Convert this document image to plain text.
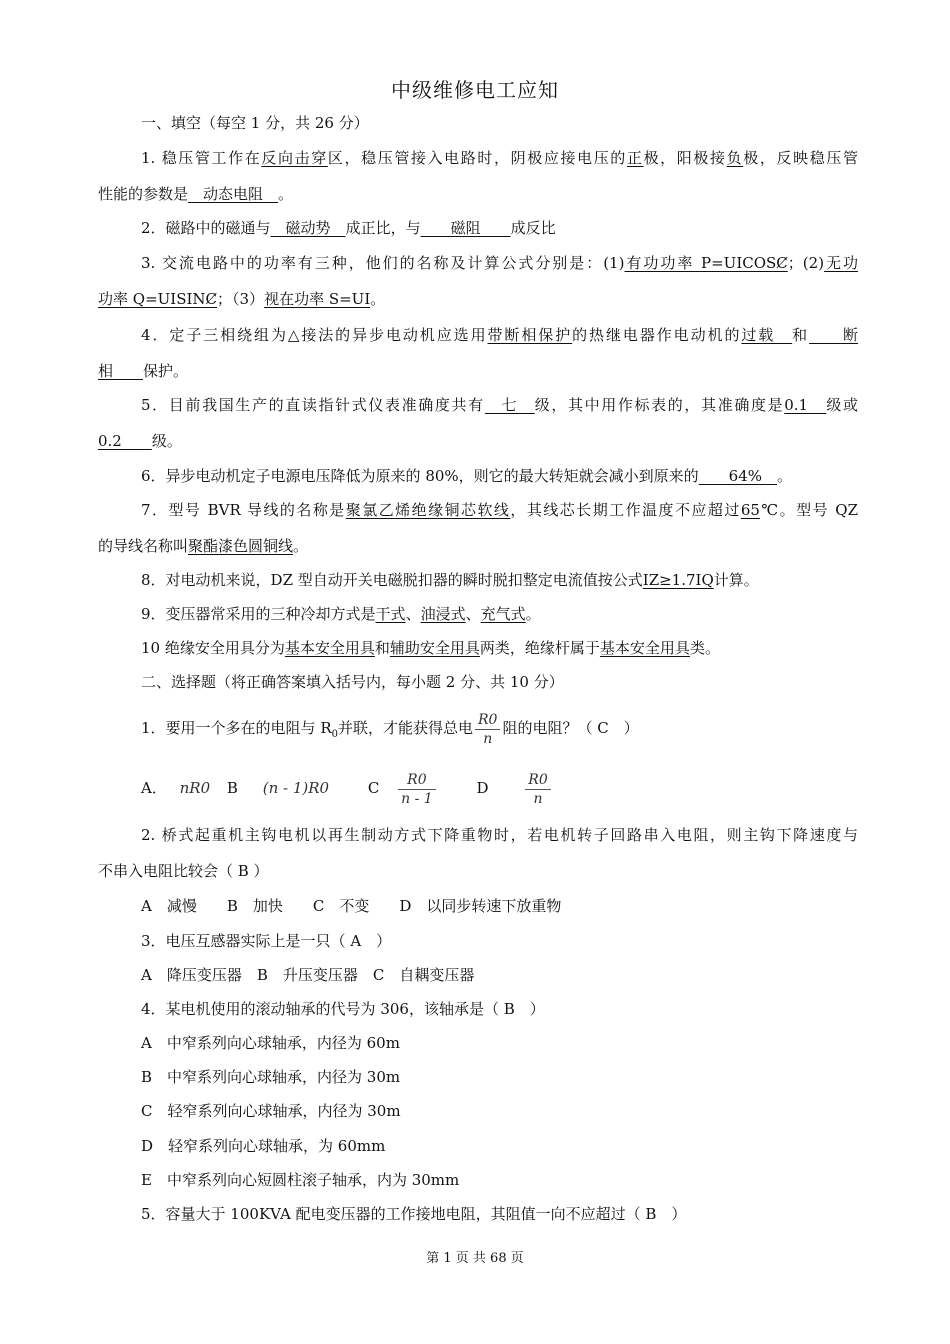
中级维修电工应知
一、填空（每空 1 分，共 26 分）
1. 稳压管工作在反向击穿区，稳压管接入电路时，阴极应接电压的正极，阳极接负极，反映稳压管
性能的参数是　动态电阻　。
2．磁路中的磁通与　磁动势　成正比，与　　磁阻　　成反比
3. 交流电路中的功率有三种，他们的名称及计算公式分别是：(1)有功功率 P=UICOSȻ；(2)无功
功率 Q=UISINȻ；（3）视在功率 S=UI。
4．定子三相绕组为△接法的异步电动机应选用带断相保护的热继电器作电动机的过载　和　　断
相　　保护。
5．目前我国生产的直读指针式仪表准确度共有　七　级，其中用作标表的，其准确度是0.1　级或
0.2　　级。
6．异步电动机定子电源电压降低为原来的 80%，则它的最大转矩就会减小到原来的　　64%　。
7．型号 BVR 导线的名称是聚氯乙烯绝缘铜芯软线，其线芯长期工作温度不应超过65℃。型号 QZ
的导线名称叫聚酯漆色圆铜线。
8．对电动机来说，DZ 型自动开关电磁脱扣器的瞬时脱扣整定电流值按公式IZ≥1.7IQ计算。
9．变压器常采用的三种冷却方式是干式、油浸式、充气式。
10 绝缘安全用具分为基本安全用具和辅助安全用具两类，绝缘杆属于基本安全用具类。
二、选择题（将正确答案填入括号内，每小题 2 分、共 10 分）
1．要用一个多在的电阻与 $R_0$并联，才能获得总电 $\frac{R0}{n}$ 阻的电阻？（ C　）
A． nR0 B (n - 1)R0	C $\frac{R0}{n - 1}$	D	$\frac{R0}{n}$
2. 桥式起重机主钩电机以再生制动方式下降重物时，若电机转子回路串入电阻，则主钩下降速度与
不串入电阻比较会（ B ）
A　减慢　　B　加快　　C　不变　　D　以同步转速下放重物
3．电压互感器实际上是一只（ A　）
A　降压变压器　B　升压变压器　C　自耦变压器
4．某电机使用的滚动轴承的代号为 306，该轴承是（ B　）
A　中窄系列向心球轴承，内径为 60m
B　中窄系列向心球轴承，内径为 30m
C　轻窄系列向心球轴承，内径为 30m
D　轻窄系列向心球轴承，为 60mm
E　中窄系列向心短圆柱滚子轴承，内为 30mm
5．容量大于 100KVA 配电变压器的工作接地电阻，其阻值一向不应超过（ B　）
第 1 页 共 68 页
